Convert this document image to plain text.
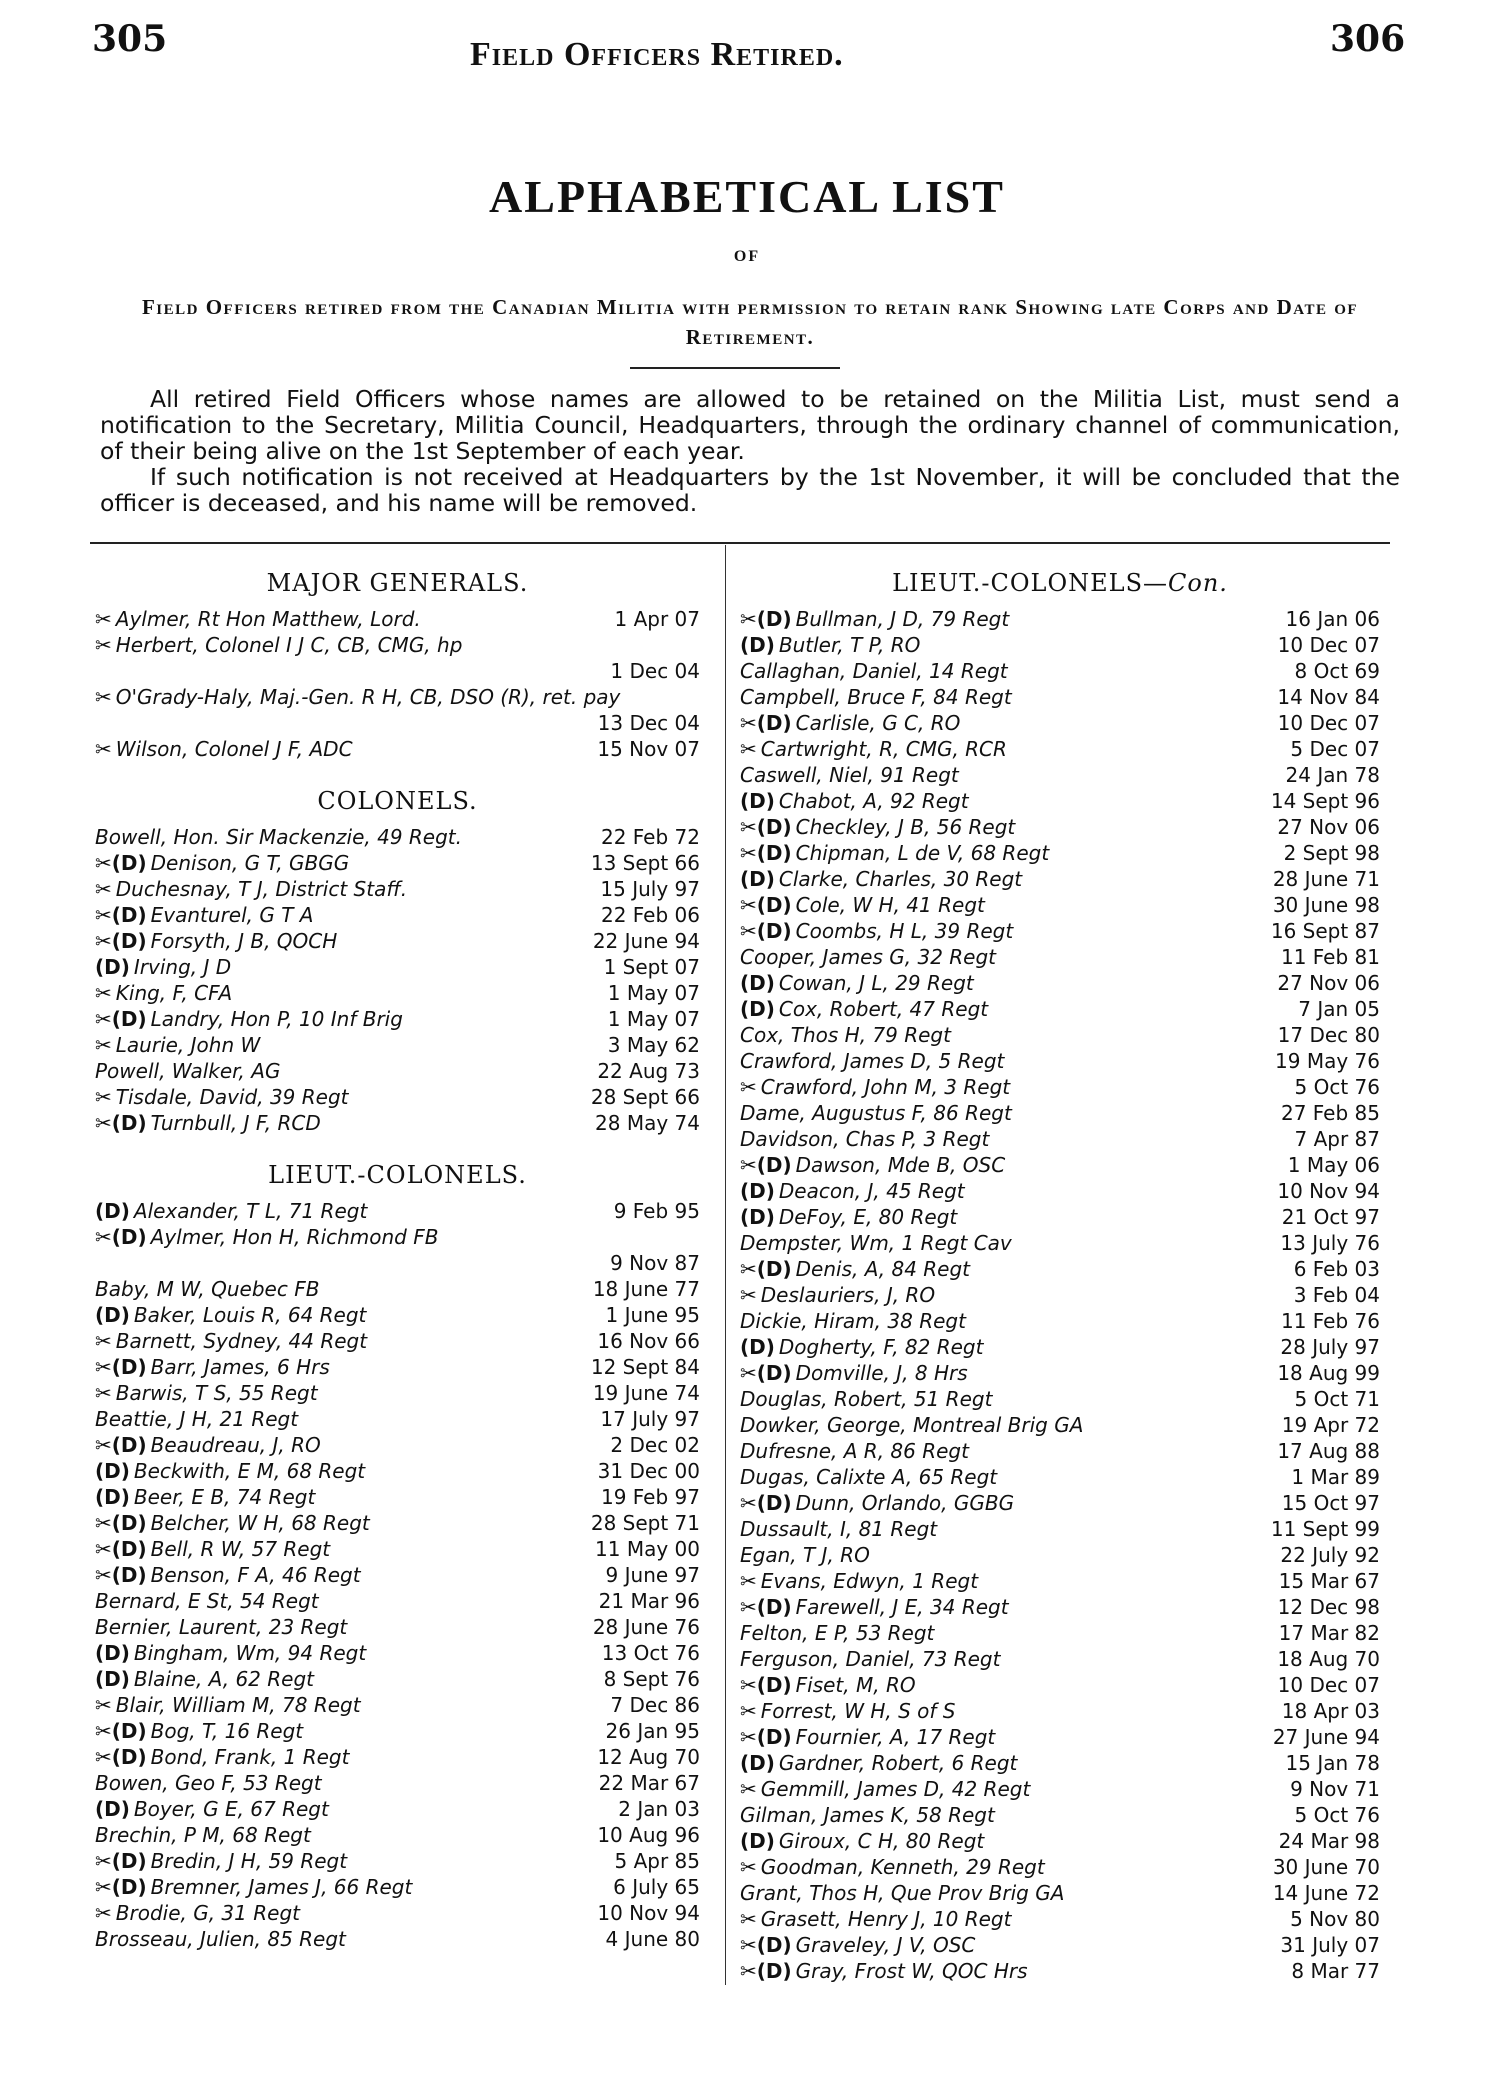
305	Field Officers Retired.	306
ALPHABETICAL LIST
OF
Field Officers retired from the Canadian Militia with permission to retain rank Showing late Corps and Date of Retirement.

All retired Field Officers whose names are allowed to be retained on the Militia List, must send a notification to the Secretary, Militia Council, Headquarters, through the ordinary channel of communication, of their being alive on the 1st September of each year.

If such notification is not received at Headquarters by the 1st November, it will be concluded that the officer is deceased, and his name will be removed.

MAJOR GENERALS.
✂ Aylmer, Rt Hon Matthew, Lord.	1 Apr 07
✂ Herbert, Colonel I J C, CB, CMG, hp
1 Dec 04
✂ O'Grady-Haly, Maj.-Gen. R H, CB, DSO (R), ret. pay
13 Dec 04
✂ Wilson, Colonel J F, ADC	15 Nov 07
COLONELS.
Bowell, Hon. Sir Mackenzie, 49 Regt.	22 Feb 72
✂(D) Denison, G T, GBGG	13 Sept 66
✂ Duchesnay, T J, District Staff.	15 July 97
✂(D) Evanturel, G T A	22 Feb 06
✂(D) Forsyth, J B, QOCH	22 June 94
(D) Irving, J D	1 Sept 07
✂ King, F, CFA	1 May 07
✂(D) Landry, Hon P, 10 Inf Brig	1 May 07
✂ Laurie, John W	3 May 62
Powell, Walker, AG	22 Aug 73
✂ Tisdale, David, 39 Regt	28 Sept 66
✂(D) Turnbull, J F, RCD	28 May 74
LIEUT.-COLONELS.
(D) Alexander, T L, 71 Regt	9 Feb 95
✂(D) Aylmer, Hon H, Richmond FB
9 Nov 87
Baby, M W, Quebec FB	18 June 77
(D) Baker, Louis R, 64 Regt	1 June 95
✂ Barnett, Sydney, 44 Regt	16 Nov 66
✂(D) Barr, James, 6 Hrs	12 Sept 84
✂ Barwis, T S, 55 Regt	19 June 74
Beattie, J H, 21 Regt	17 July 97
✂(D) Beaudreau, J, RO	2 Dec 02
(D) Beckwith, E M, 68 Regt	31 Dec 00
(D) Beer, E B, 74 Regt	19 Feb 97
✂(D) Belcher, W H, 68 Regt	28 Sept 71
✂(D) Bell, R W, 57 Regt	11 May 00
✂(D) Benson, F A, 46 Regt	9 June 97
Bernard, E St, 54 Regt	21 Mar 96
Bernier, Laurent, 23 Regt	28 June 76
(D) Bingham, Wm, 94 Regt	13 Oct 76
(D) Blaine, A, 62 Regt	8 Sept 76
✂ Blair, William M, 78 Regt	7 Dec 86
✂(D) Bog, T, 16 Regt	26 Jan 95
✂(D) Bond, Frank, 1 Regt	12 Aug 70
Bowen, Geo F, 53 Regt	22 Mar 67
(D) Boyer, G E, 67 Regt	2 Jan 03
Brechin, P M, 68 Regt	10 Aug 96
✂(D) Bredin, J H, 59 Regt	5 Apr 85
✂(D) Bremner, James J, 66 Regt	6 July 65
✂ Brodie, G, 31 Regt	10 Nov 94
Brosseau, Julien, 85 Regt	4 June 80
LIEUT.-COLONELS—Con.
✂(D) Bullman, J D, 79 Regt	16 Jan 06
(D) Butler, T P, RO	10 Dec 07
Callaghan, Daniel, 14 Regt	8 Oct 69
Campbell, Bruce F, 84 Regt	14 Nov 84
✂(D) Carlisle, G C, RO	10 Dec 07
✂ Cartwright, R, CMG, RCR	5 Dec 07
Caswell, Niel, 91 Regt	24 Jan 78
(D) Chabot, A, 92 Regt	14 Sept 96
✂(D) Checkley, J B, 56 Regt	27 Nov 06
✂(D) Chipman, L de V, 68 Regt	2 Sept 98
(D) Clarke, Charles, 30 Regt	28 June 71
✂(D) Cole, W H, 41 Regt	30 June 98
✂(D) Coombs, H L, 39 Regt	16 Sept 87
Cooper, James G, 32 Regt	11 Feb 81
(D) Cowan, J L, 29 Regt	27 Nov 06
(D) Cox, Robert, 47 Regt	7 Jan 05
Cox, Thos H, 79 Regt	17 Dec 80
Crawford, James D, 5 Regt	19 May 76
✂ Crawford, John M, 3 Regt	5 Oct 76
Dame, Augustus F, 86 Regt	27 Feb 85
Davidson, Chas P, 3 Regt	7 Apr 87
✂(D) Dawson, Mde B, OSC	1 May 06
(D) Deacon, J, 45 Regt	10 Nov 94
(D) DeFoy, E, 80 Regt	21 Oct 97
Dempster, Wm, 1 Regt Cav	13 July 76
✂(D) Denis, A, 84 Regt	6 Feb 03
✂ Deslauriers, J, RO	3 Feb 04
Dickie, Hiram, 38 Regt	11 Feb 76
(D) Dogherty, F, 82 Regt	28 July 97
✂(D) Domville, J, 8 Hrs	18 Aug 99
Douglas, Robert, 51 Regt	5 Oct 71
Dowker, George, Montreal Brig GA	19 Apr 72
Dufresne, A R, 86 Regt	17 Aug 88
Dugas, Calixte A, 65 Regt	1 Mar 89
✂(D) Dunn, Orlando, GGBG	15 Oct 97
Dussault, I, 81 Regt	11 Sept 99
Egan, T J, RO	22 July 92
✂ Evans, Edwyn, 1 Regt	15 Mar 67
✂(D) Farewell, J E, 34 Regt	12 Dec 98
Felton, E P, 53 Regt	17 Mar 82
Ferguson, Daniel, 73 Regt	18 Aug 70
✂(D) Fiset, M, RO	10 Dec 07
✂ Forrest, W H, S of S	18 Apr 03
✂(D) Fournier, A, 17 Regt	27 June 94
(D) Gardner, Robert, 6 Regt	15 Jan 78
✂ Gemmill, James D, 42 Regt	9 Nov 71
Gilman, James K, 58 Regt	5 Oct 76
(D) Giroux, C H, 80 Regt	24 Mar 98
✂ Goodman, Kenneth, 29 Regt	30 June 70
Grant, Thos H, Que Prov Brig GA	14 June 72
✂ Grasett, Henry J, 10 Regt	5 Nov 80
✂(D) Graveley, J V, OSC	31 July 07
✂(D) Gray, Frost W, QOC Hrs	8 Mar 77
